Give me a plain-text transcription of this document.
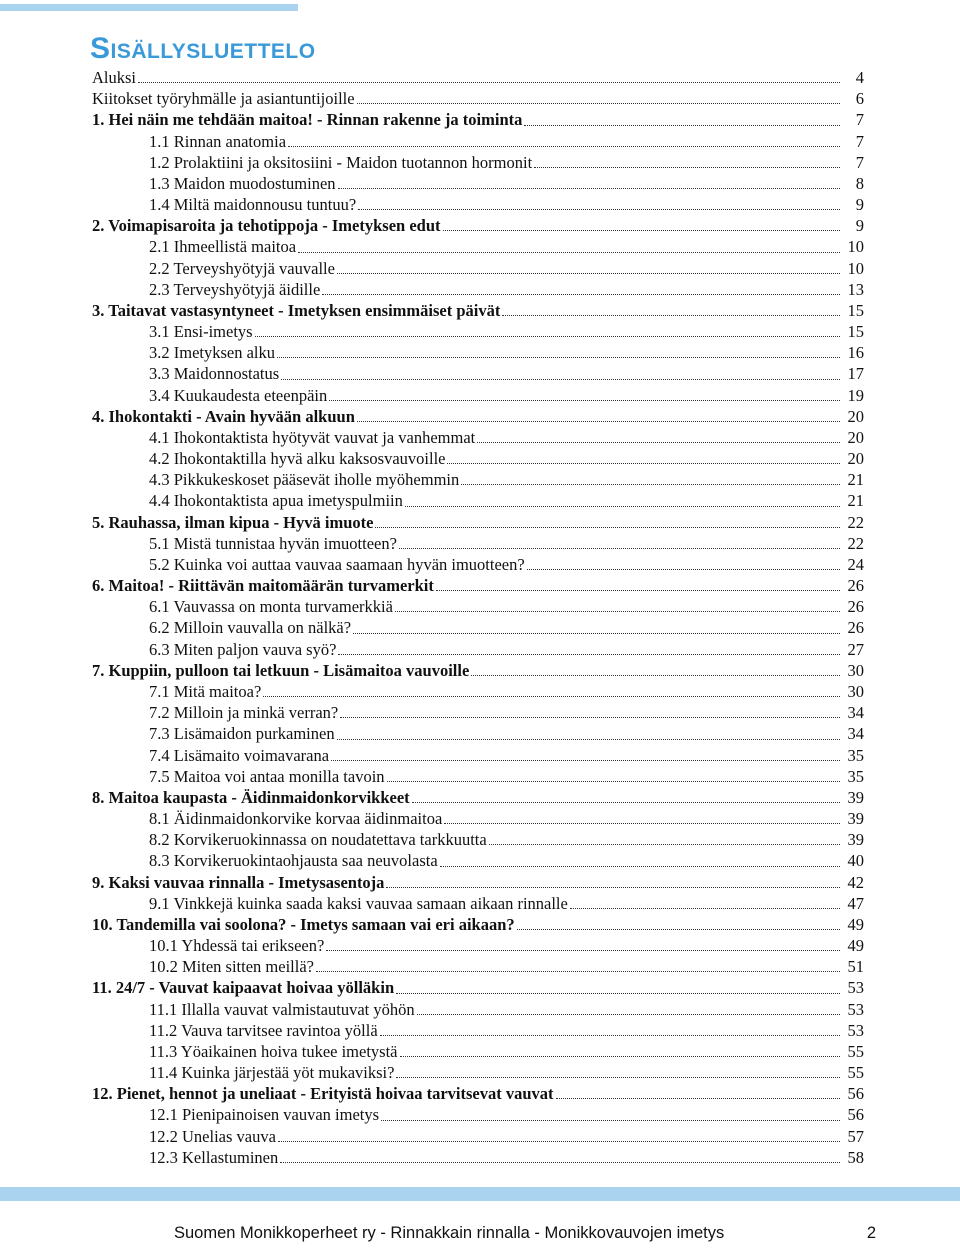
Sisällysluettelo
Aluksi	4
Kiitokset työryhmälle ja asiantuntijoille	6
1. Hei näin me tehdään maitoa! - Rinnan rakenne ja toiminta	7
1.1 Rinnan anatomia	7
1.2 Prolaktiini ja oksitosiini - Maidon tuotannon hormonit	7
1.3 Maidon muodostuminen	8
1.4 Miltä maidonnousu tuntuu?	9
2. Voimapisaroita ja tehotippoja - Imetyksen edut	9
2.1 Ihmeellistä maitoa	10
2.2 Terveyshyötyjä vauvalle	10
2.3 Terveyshyötyjä äidille	13
3. Taitavat vastasyntyneet - Imetyksen ensimmäiset päivät	15
3.1 Ensi-imetys	15
3.2 Imetyksen alku	16
3.3 Maidonnostatus	17
3.4 Kuukaudesta eteenpäin	19
4. Ihokontakti - Avain hyvään alkuun	20
4.1 Ihokontaktista hyötyvät vauvat ja vanhemmat	20
4.2 Ihokontaktilla hyvä alku kaksosvauvoille	20
4.3 Pikkukeskoset pääsevät iholle myöhemmin	21
4.4 Ihokontaktista apua imetyspulmiin	21
5. Rauhassa, ilman kipua - Hyvä imuote	22
5.1 Mistä tunnistaa hyvän imuotteen?	22
5.2 Kuinka voi auttaa vauvaa saamaan hyvän imuotteen?	24
6. Maitoa! - Riittävän maitomäärän turvamerkit	26
6.1 Vauvassa on monta turvamerkkiä	26
6.2 Milloin vauvalla on nälkä?	26
6.3 Miten paljon vauva syö?	27
7. Kuppiin, pulloon tai letkuun - Lisämaitoa vauvoille	30
7.1 Mitä maitoa?	30
7.2 Milloin ja minkä verran?	34
7.3 Lisämaidon purkaminen	34
7.4 Lisämaito voimavarana	35
7.5 Maitoa voi antaa monilla tavoin	35
8. Maitoa kaupasta - Äidinmaidonkorvikkeet	39
8.1 Äidinmaidonkorvike korvaa äidinmaitoa	39
8.2 Korvikeruokinnassa on noudatettava tarkkuutta	39
8.3 Korvikeruokintaohjausta saa neuvolasta	40
9. Kaksi vauvaa rinnalla - Imetysasentoja	42
9.1 Vinkkejä kuinka saada kaksi vauvaa samaan aikaan rinnalle	47
10. Tandemilla vai soolona? - Imetys samaan vai eri aikaan?	49
10.1 Yhdessä tai erikseen?	49
10.2 Miten sitten meillä?	51
11. 24/7 - Vauvat kaipaavat hoivaa yölläkin	53
11.1 Illalla vauvat valmistautuvat yöhön	53
11.2 Vauva tarvitsee ravintoa yöllä	53
11.3 Yöaikainen hoiva tukee imetystä	55
11.4 Kuinka järjestää yöt mukaviksi?	55
12. Pienet, hennot ja uneliaat - Erityistä hoivaa tarvitsevat vauvat	56
12.1 Pienipainoisen vauvan imetys	56
12.2 Unelias vauva	57
12.3 Kellastuminen	58
Suomen Monikkoperheet ry - Rinnakkain rinnalla - Monikkovauvojen imetys	2
